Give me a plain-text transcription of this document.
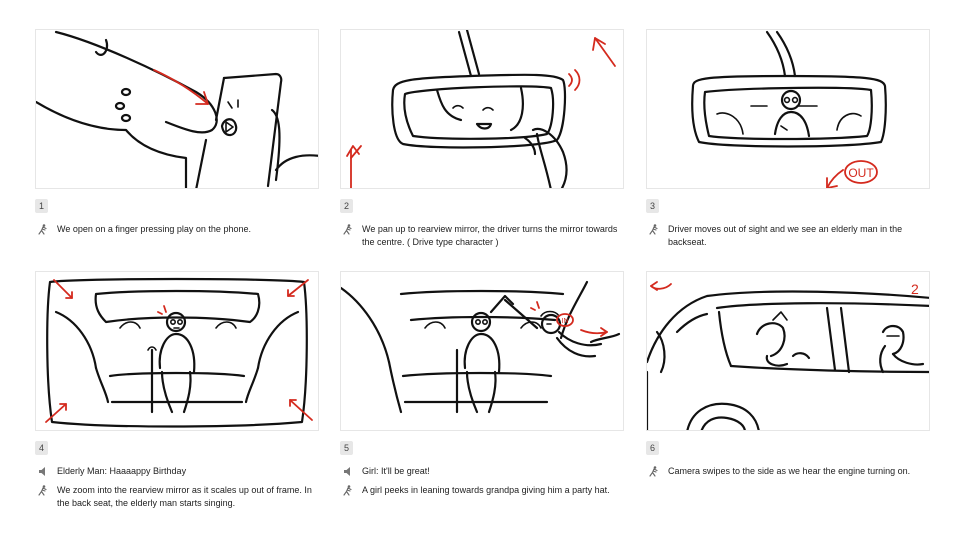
1
We open on a finger pressing play on the phone.
2
We pan up to rearview mirror, the driver turns the mirror towards the centre. ( Drive type character )
OUT
3
Driver moves out of sight and we see an elderly man in the backseat.
4
Elderly Man: Haaaappy Birthday
We zoom into the rearview mirror as it scales up out of frame. In the back seat, the elderly man starts singing.
IN
5
Girl: It'll be great!
A girl peeks in leaning towards grandpa giving him a party hat.
2
6
Camera swipes to the side as we hear the engine turning on.
